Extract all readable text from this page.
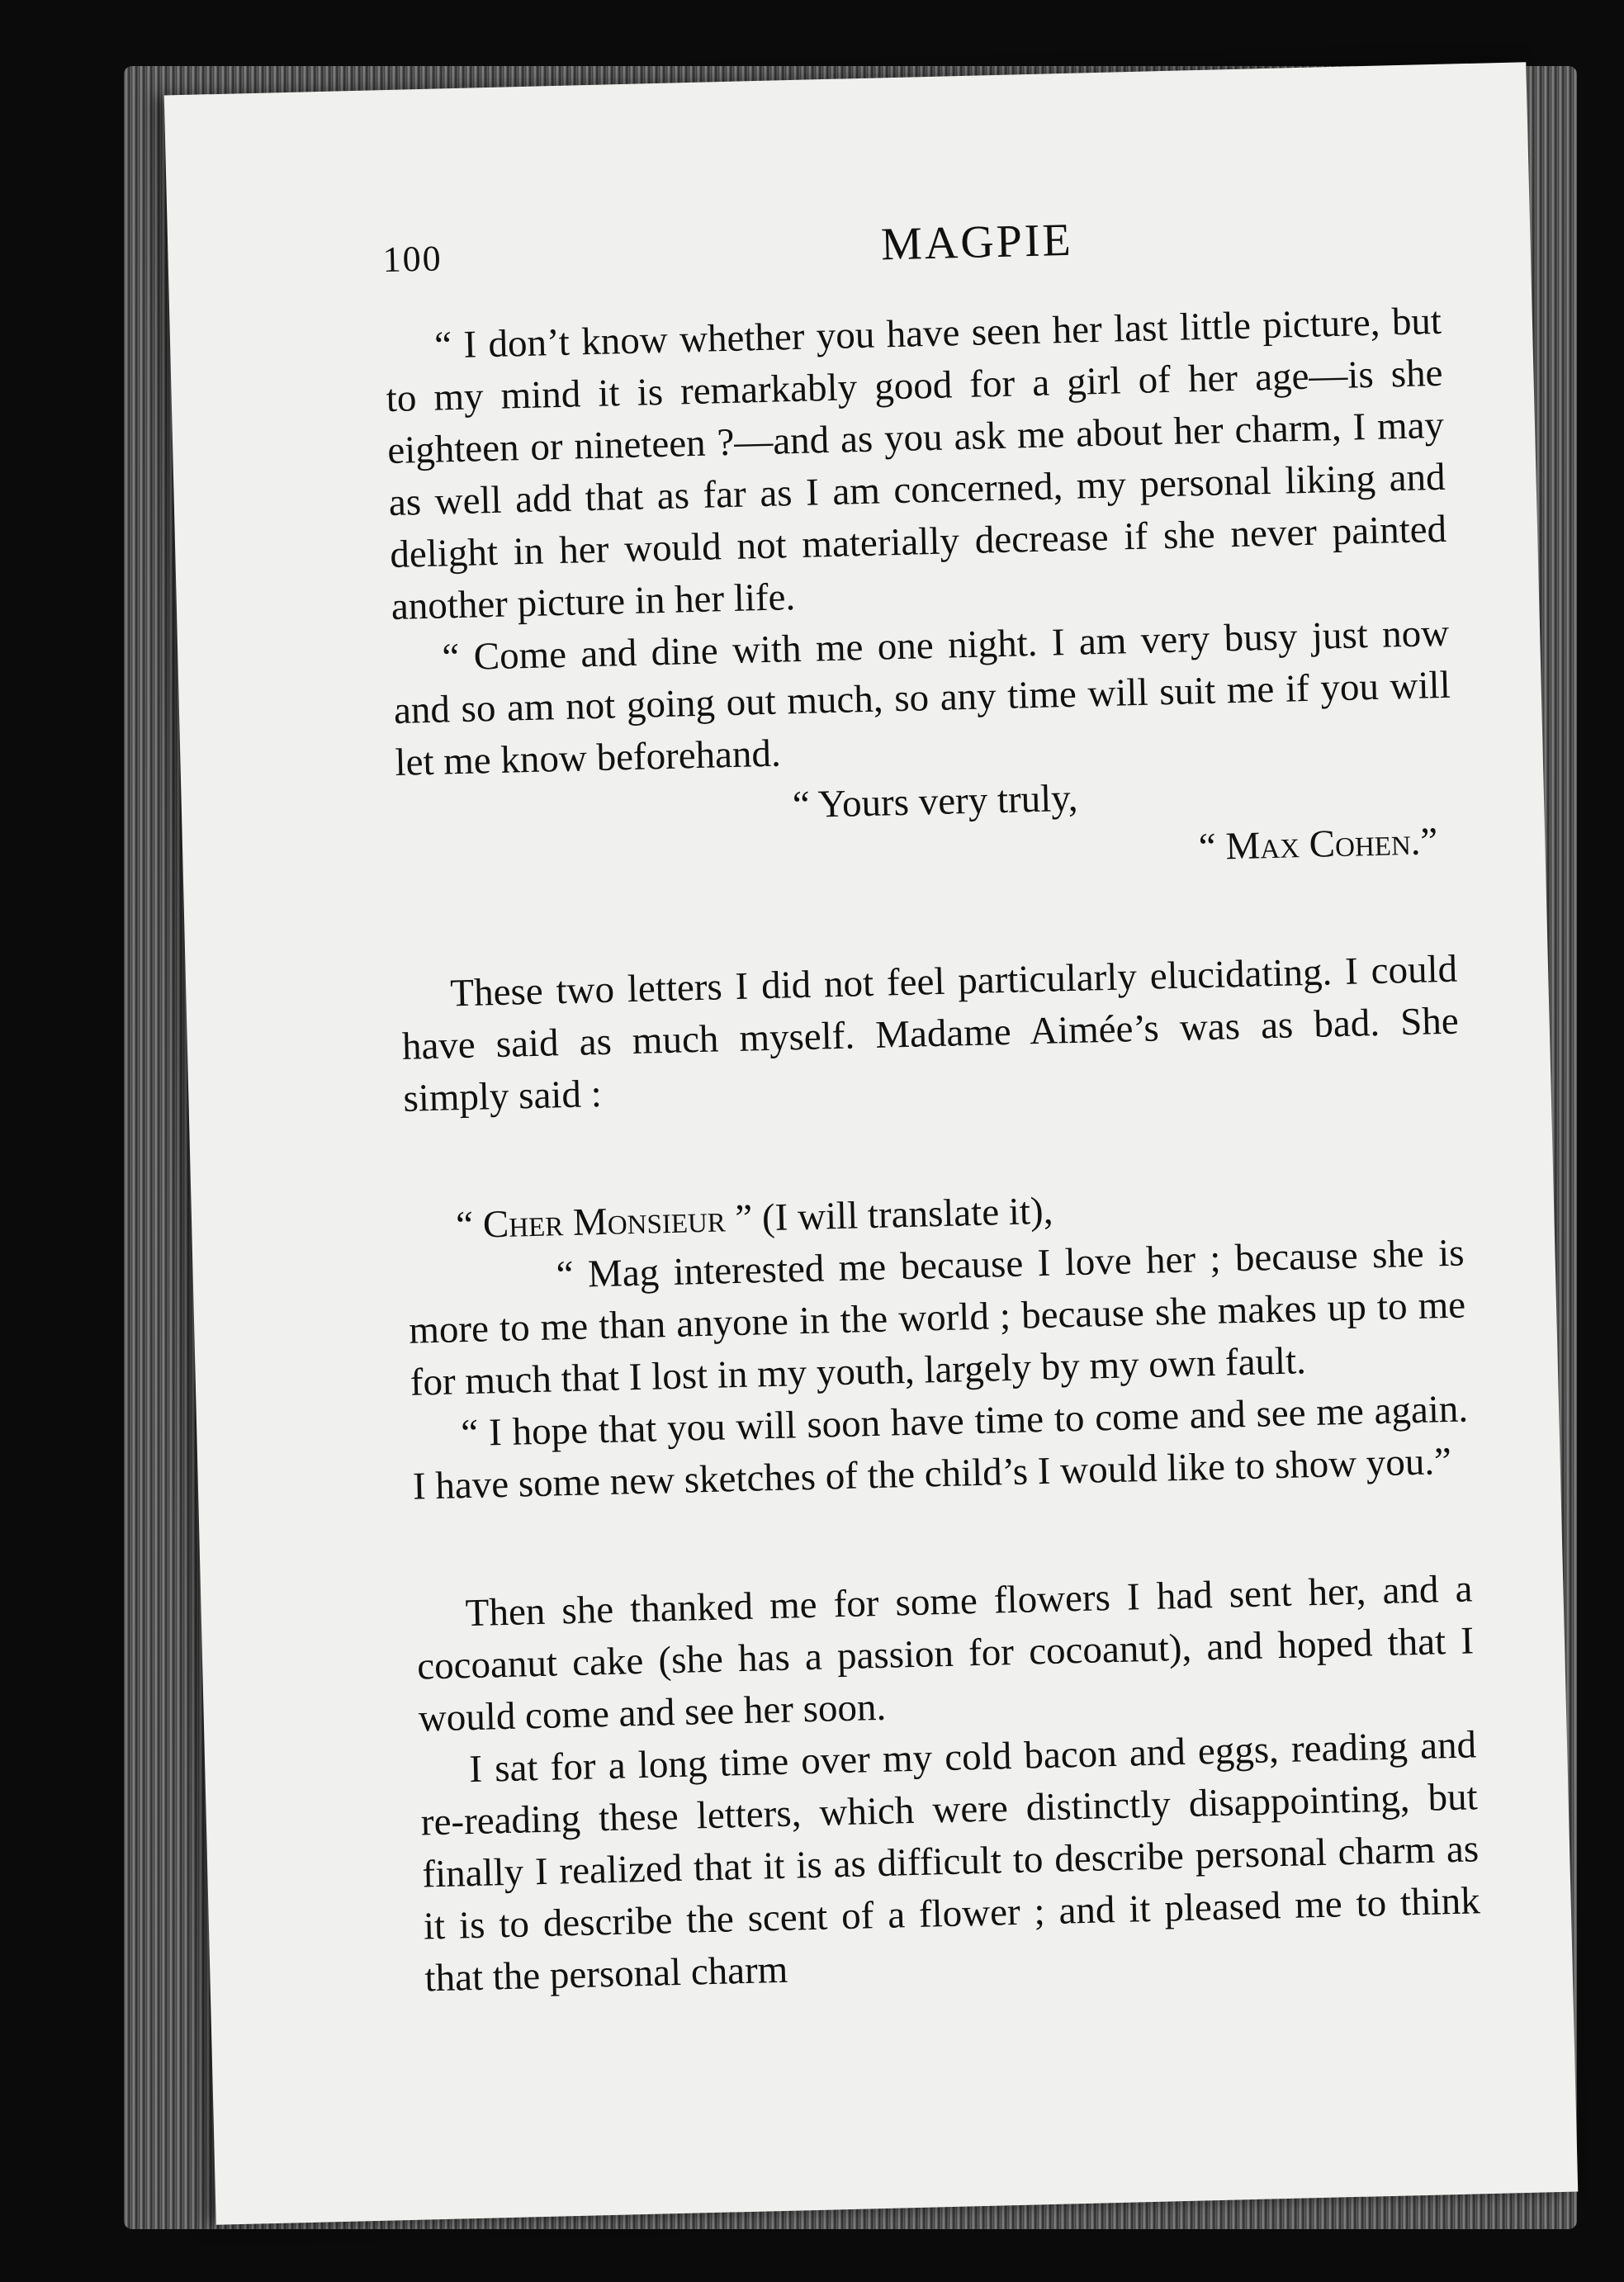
100	MAGPIE

“ I don’t know whether you have seen her last little picture, but to my mind it is remarkably good for a girl of her age—is she eighteen or nineteen ?—and as you ask me about her charm, I may as well add that as far as I am concerned, my personal liking and delight in her would not materially decrease if she never painted another picture in her life.

“ Come and dine with me one night. I am very busy just now and so am not going out much, so any time will suit me if you will let me know beforehand.

“ Yours very truly,

“ Max Cohen.”

These two letters I did not feel particularly elucidating. I could have said as much myself. Madame Aimée’s was as bad. She simply said :

“ Cher Monsieur ” (I will translate it),

“ Mag interested me because I love her ; because she is more to me than anyone in the world ; because she makes up to me for much that I lost in my youth, largely by my own fault.

“ I hope that you will soon have time to come and see me again. I have some new sketches of the child’s I would like to show you.”

Then she thanked me for some flowers I had sent her, and a cocoanut cake (she has a passion for cocoanut), and hoped that I would come and see her soon.

I sat for a long time over my cold bacon and eggs, reading and re-reading these letters, which were distinctly disappointing, but finally I realized that it is as difficult to describe personal charm as it is to describe the scent of a flower ; and it pleased me to think that the personal charm
